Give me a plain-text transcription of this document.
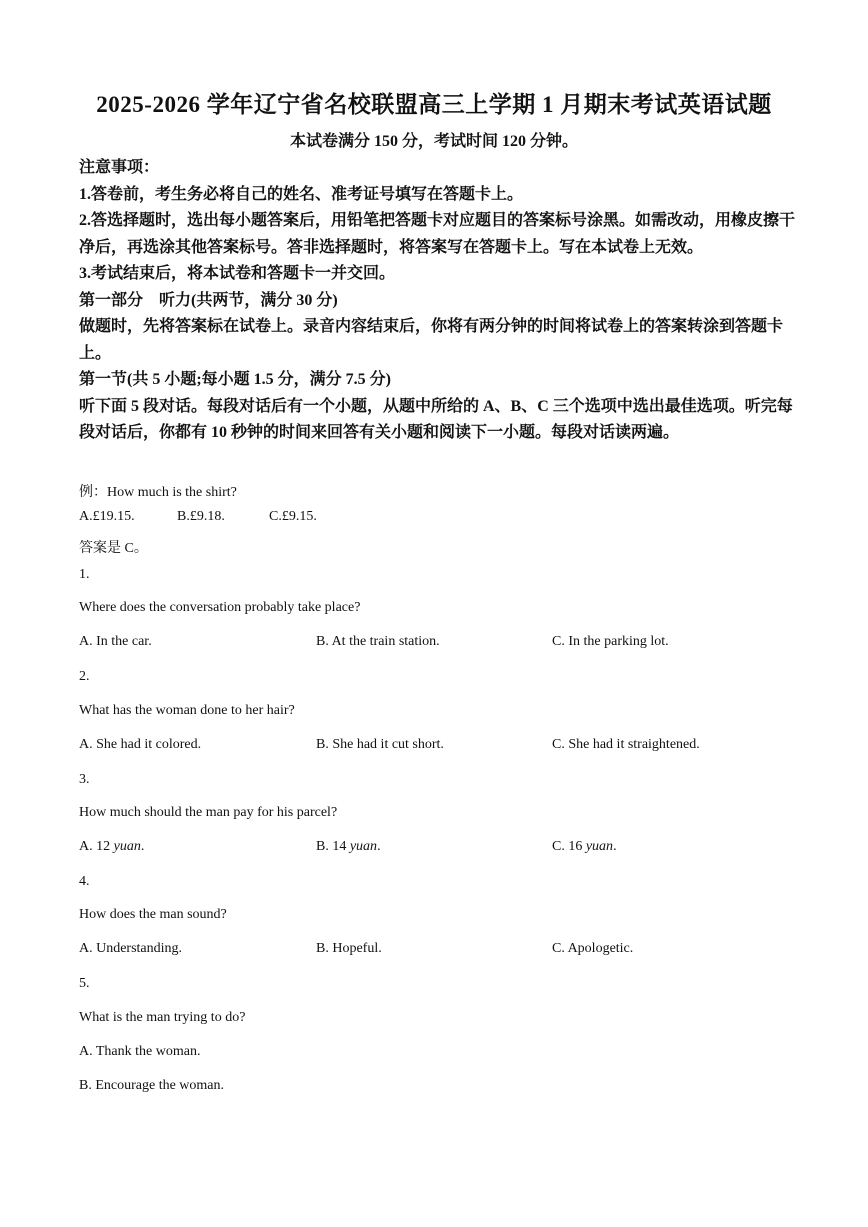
2025-2026 学年辽宁省名校联盟高三上学期 1 月期末考试英语试题
本试卷满分 150 分，考试时间 120 分钟。

注意事项：

1.答卷前，考生务必将自己的姓名、准考证号填写在答题卡上。

2.答选择题时，选出每小题答案后，用铅笔把答题卡对应题目的答案标号涂黑。如需改动，用橡皮擦干净后，再选涂其他答案标号。答非选择题时，将答案写在答题卡上。写在本试卷上无效。

3.考试结束后，将本试卷和答题卡一并交回。

第一部分　听力(共两节，满分 30 分)

做题时，先将答案标在试卷上。录音内容结束后，你将有两分钟的时间将试卷上的答案转涂到答题卡上。

第一节(共 5 小题;每小题 1.5 分，满分 7.5 分)

听下面 5 段对话。每段对话后有一个小题，从题中所给的 A、B、C 三个选项中选出最佳选项。听完每段对话后，你都有 10 秒钟的时间来回答有关小题和阅读下一小题。每段对话读两遍。

例：How much is the shirt?
A.£19.15.	B.£9.18.	C.£9.15.
答案是 C。
1.
Where does the conversation probably take place?
A. In the car.	B. At the train station.	C. In the parking lot.
2.
What has the woman done to her hair?
A. She had it colored.	B. She had it cut short.	C. She had it straightened.
3.
How much should the man pay for his parcel?
A. 12 yuan.	B. 14 yuan.	C. 16 yuan.
4.
How does the man sound?
A. Understanding.	B. Hopeful.	C. Apologetic.
5.
What is the man trying to do?
A. Thank the woman.
B. Encourage the woman.
